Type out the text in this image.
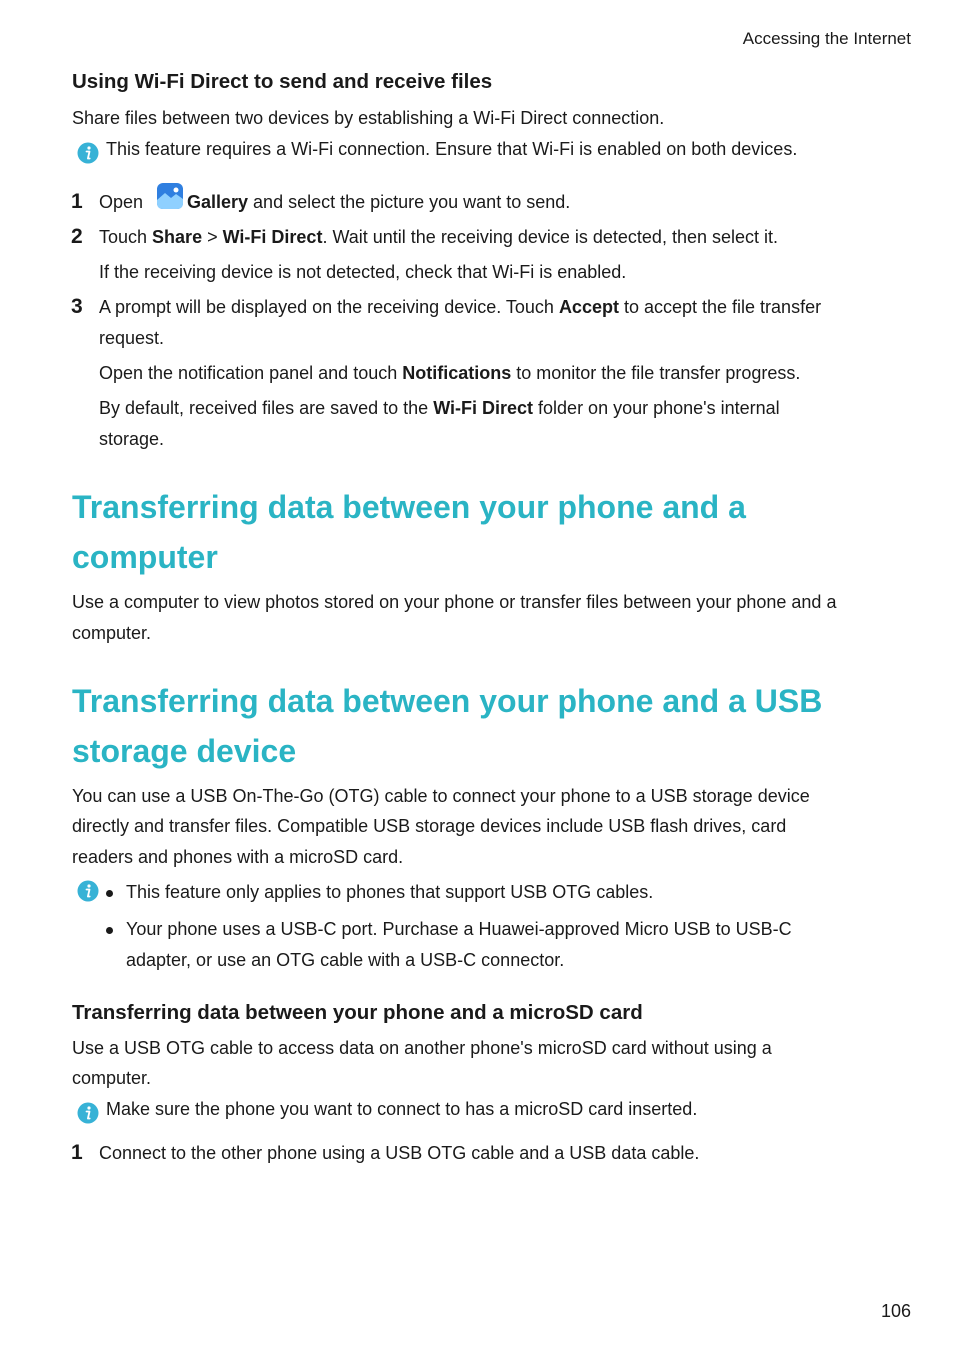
Accessing the Internet
Using Wi-Fi Direct to send and receive files
Share files between two devices by establishing a Wi-Fi Direct connection.
This feature requires a Wi-Fi connection. Ensure that Wi-Fi is enabled on both devices.
1 Open Gallery and select the picture you want to send.
2 Touch Share > Wi-Fi Direct. Wait until the receiving device is detected, then select it.
If the receiving device is not detected, check that Wi-Fi is enabled.
3 A prompt will be displayed on the receiving device. Touch Accept to accept the file transfer
request.
Open the notification panel and touch Notifications to monitor the file transfer progress.
By default, received files are saved to the Wi-Fi Direct folder on your phone's internal
storage.
Transferring data between your phone and a
computer
Use a computer to view photos stored on your phone or transfer files between your phone and a
computer.
Transferring data between your phone and a USB
storage device
You can use a USB On-The-Go (OTG) cable to connect your phone to a USB storage device
directly and transfer files. Compatible USB storage devices include USB flash drives, card
readers and phones with a microSD card.
This feature only applies to phones that support USB OTG cables.
Your phone uses a USB-C port. Purchase a Huawei-approved Micro USB to USB-C
adapter, or use an OTG cable with a USB-C connector.
Transferring data between your phone and a microSD card
Use a USB OTG cable to access data on another phone's microSD card without using a
computer.
Make sure the phone you want to connect to has a microSD card inserted.
1 Connect to the other phone using a USB OTG cable and a USB data cable.
106
